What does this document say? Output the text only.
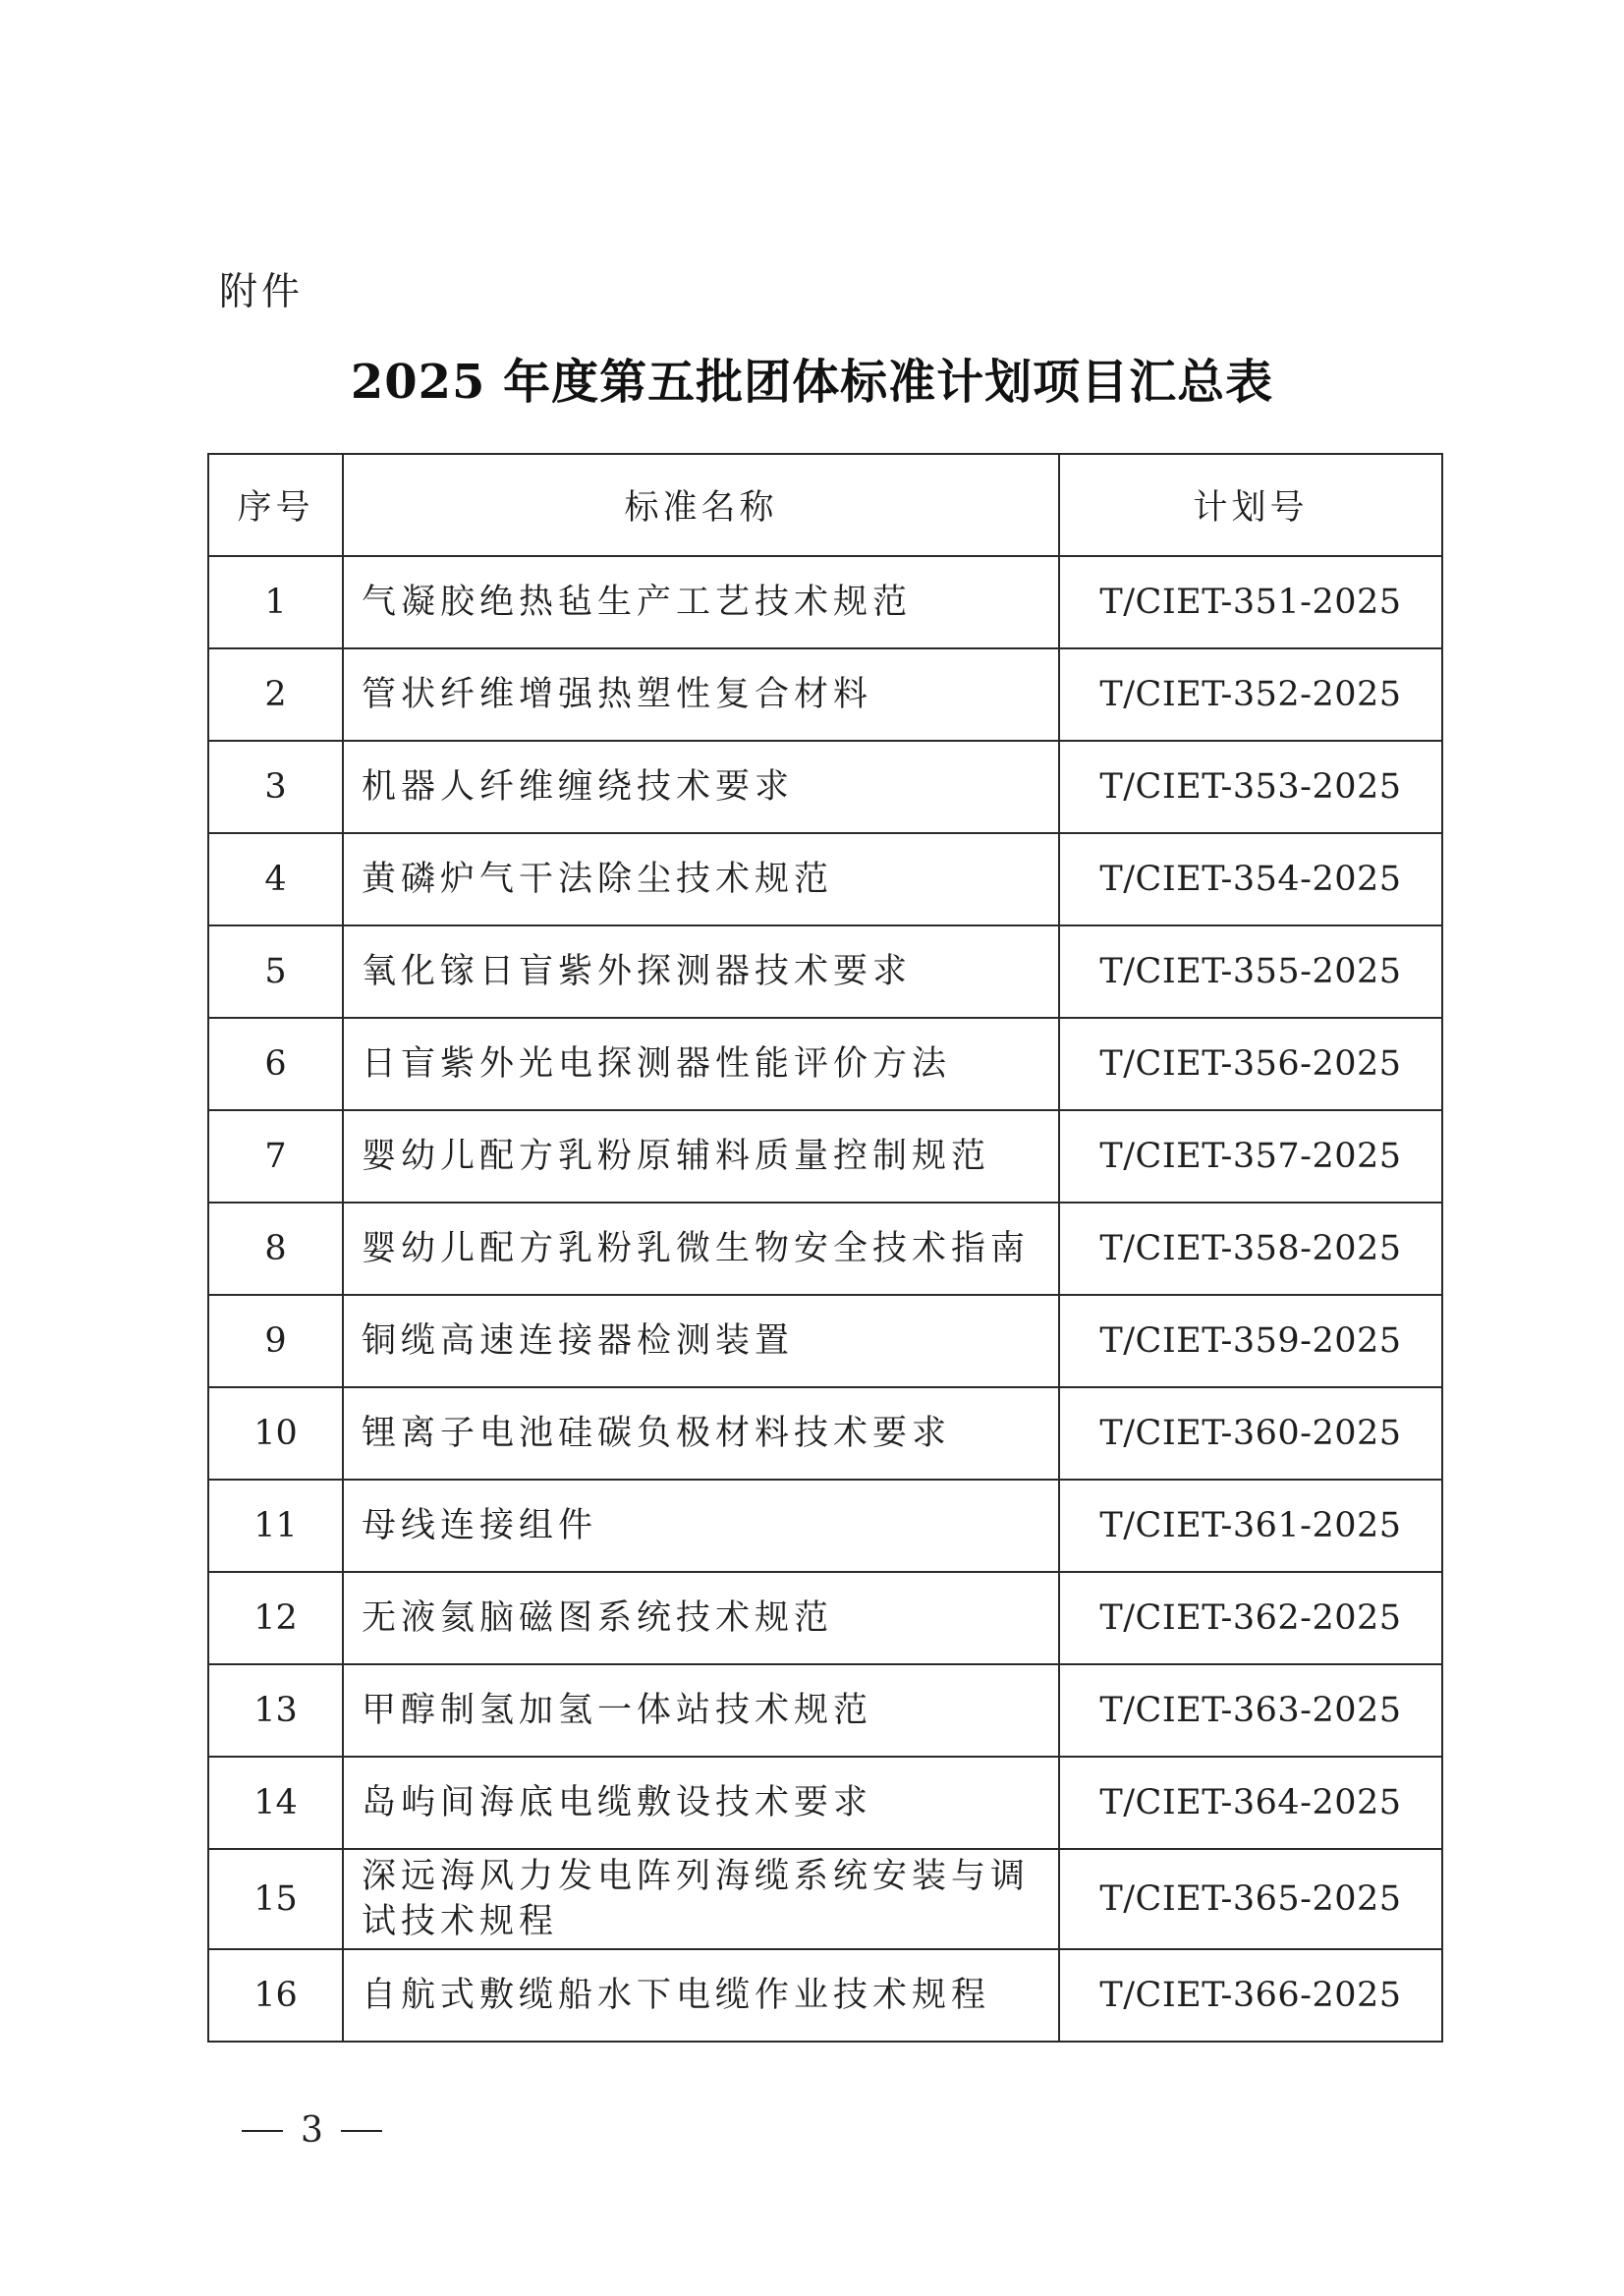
附件
2025 年度第五批团体标准计划项目汇总表
序号	标准名称	计划号
1	气凝胶绝热毡生产工艺技术规范	T/CIET-351-2025
2	管状纤维增强热塑性复合材料	T/CIET-352-2025
3	机器人纤维缠绕技术要求	T/CIET-353-2025
4	黄磷炉气干法除尘技术规范	T/CIET-354-2025
5	氧化镓日盲紫外探测器技术要求	T/CIET-355-2025
6	日盲紫外光电探测器性能评价方法	T/CIET-356-2025
7	婴幼儿配方乳粉原辅料质量控制规范	T/CIET-357-2025
8	婴幼儿配方乳粉乳微生物安全技术指南	T/CIET-358-2025
9	铜缆高速连接器检测装置	T/CIET-359-2025
10	锂离子电池硅碳负极材料技术要求	T/CIET-360-2025
11	母线连接组件	T/CIET-361-2025
12	无液氦脑磁图系统技术规范	T/CIET-362-2025
13	甲醇制氢加氢一体站技术规范	T/CIET-363-2025
14	岛屿间海底电缆敷设技术要求	T/CIET-364-2025
15	深远海风力发电阵列海缆系统安装与调试技术规程	T/CIET-365-2025
16	自航式敷缆船水下电缆作业技术规程	T/CIET-366-2025
3
